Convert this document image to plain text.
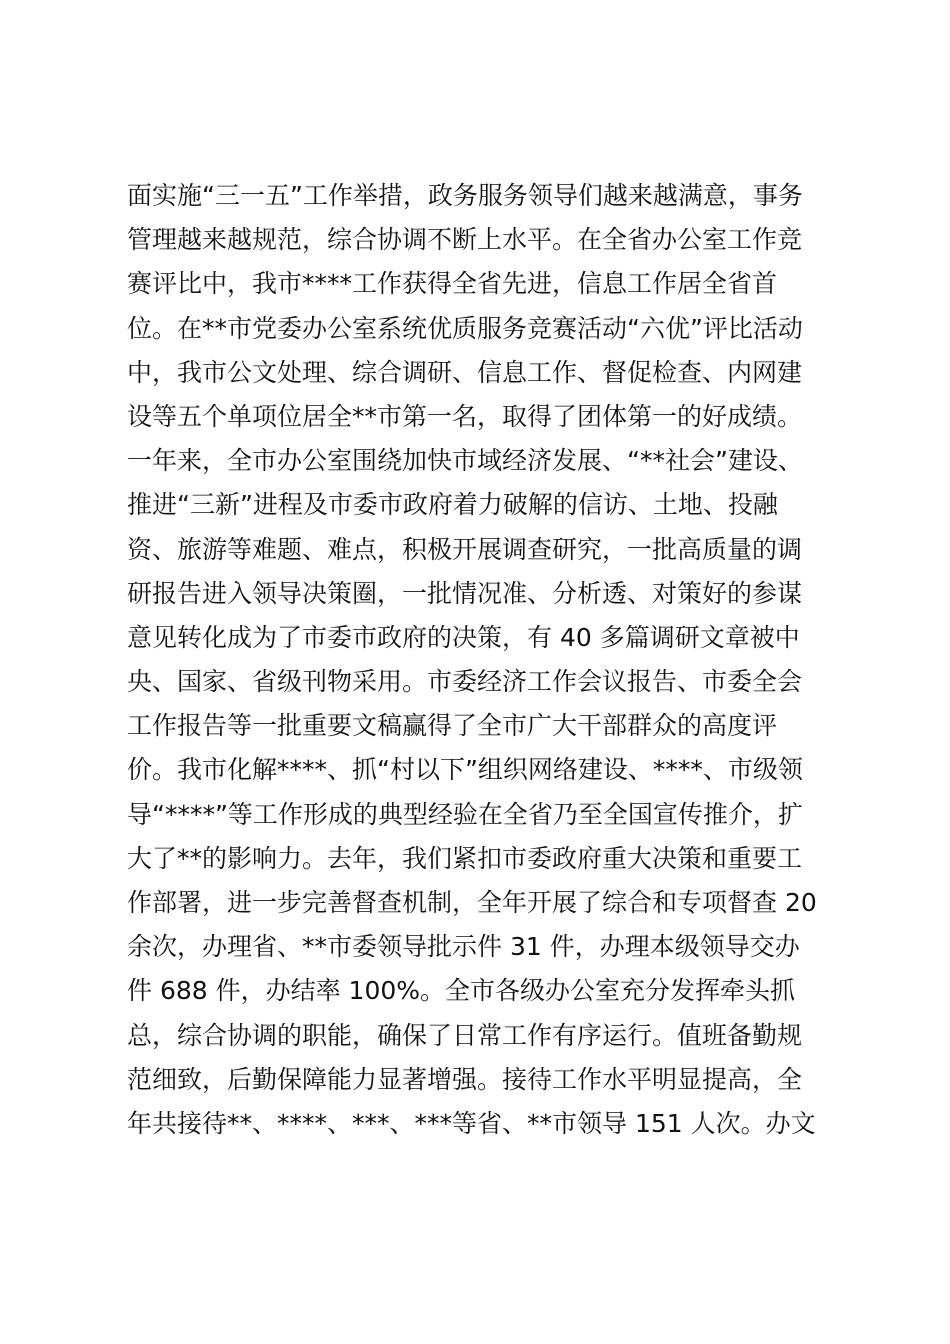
面实施“三一五”工作举措，政务服务领导们越来越满意，事务
管理越来越规范，综合协调不断上水平。在全省办公室工作竞
赛评比中，我市****工作获得全省先进，信息工作居全省首
位。在**市党委办公室系统优质服务竞赛活动“六优”评比活动
中，我市公文处理、综合调研、信息工作、督促检查、内网建
设等五个单项位居全**市第一名，取得了团体第一的好成绩。
一年来，全市办公室围绕加快市域经济发展、“**社会”建设、
推进“三新”进程及市委市政府着力破解的信访、土地、投融
资、旅游等难题、难点，积极开展调查研究，一批高质量的调
研报告进入领导决策圈，一批情况准、分析透、对策好的参谋
意见转化成为了市委市政府的决策，有 40 多篇调研文章被中
央、国家、省级刊物采用。市委经济工作会议报告、市委全会
工作报告等一批重要文稿赢得了全市广大干部群众的高度评
价。我市化解****、抓“村以下”组织网络建设、****、市级领
导“****”等工作形成的典型经验在全省乃至全国宣传推介，扩
大了**的影响力。去年，我们紧扣市委政府重大决策和重要工
作部署，进一步完善督查机制，全年开展了综合和专项督查 20
余次，办理省、**市委领导批示件 31 件，办理本级领导交办
件 688 件，办结率 100%。全市各级办公室充分发挥牵头抓
总，综合协调的职能，确保了日常工作有序运行。值班备勤规
范细致，后勤保障能力显著增强。接待工作水平明显提高，全
年共接待**、****、***、***等省、**市领导 151 人次。办文
